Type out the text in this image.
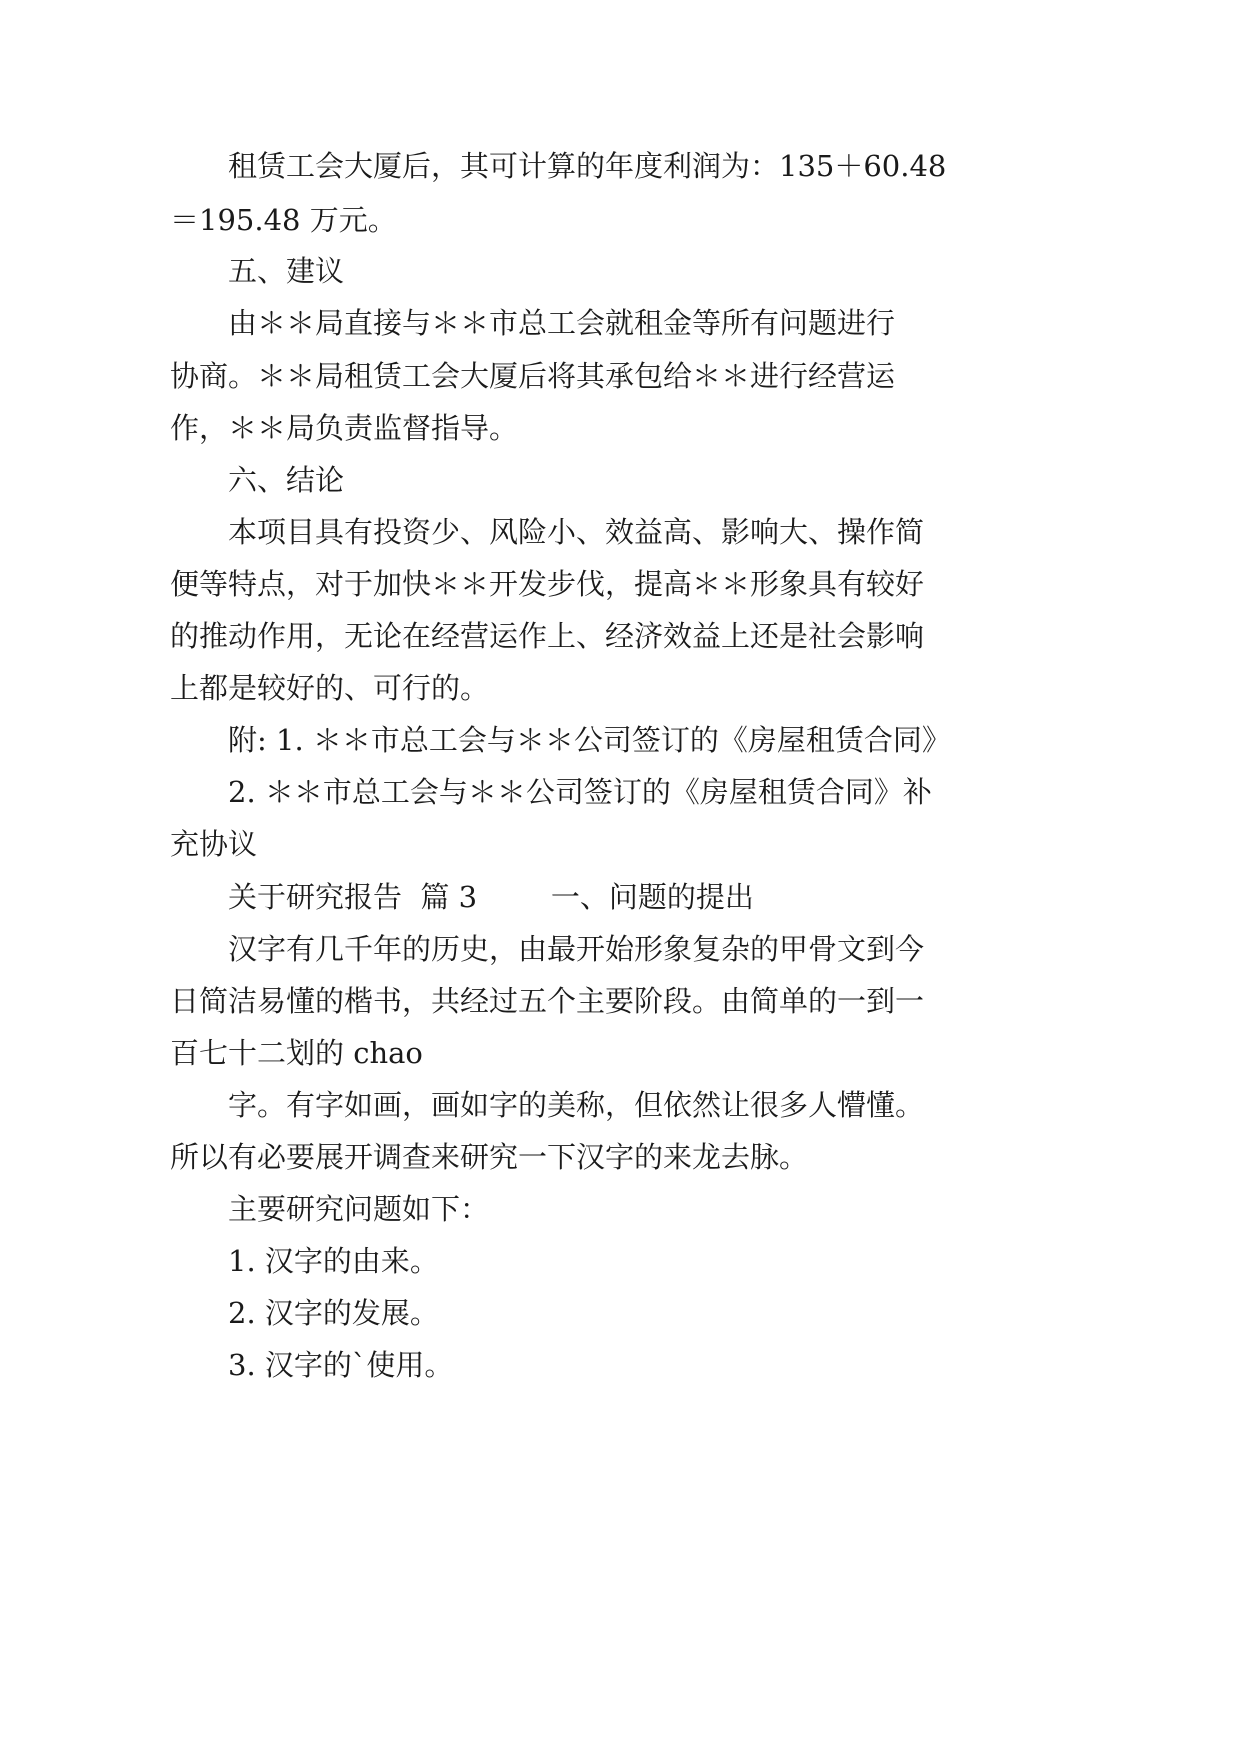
租赁工会大厦后，其可计算的年度利润为：135＋60.48
＝195.48 万元。
五、建议
由＊＊局直接与＊＊市总工会就租金等所有问题进行
协商。＊＊局租赁工会大厦后将其承包给＊＊进行经营运
作，＊＊局负责监督指导。
六、结论
本项目具有投资少、风险小、效益高、影响大、操作简
便等特点，对于加快＊＊开发步伐，提高＊＊形象具有较好
的推动作用，无论在经营运作上、经济效益上还是社会影响
上都是较好的、可行的。
附: 1. ＊＊市总工会与＊＊公司签订的《房屋租赁合同》
2. ＊＊市总工会与＊＊公司签订的《房屋租赁合同》补
充协议
关于研究报告  篇 3        一、问题的提出
汉字有几千年的历史，由最开始形象复杂的甲骨文到今
日简洁易懂的楷书，共经过五个主要阶段。由简单的一到一
百七十二划的 chao
字。有字如画，画如字的美称，但依然让很多人懵懂。
所以有必要展开调查来研究一下汉字的来龙去脉。
主要研究问题如下：
1. 汉字的由来。
2. 汉字的发展。
3. 汉字的`使用。
